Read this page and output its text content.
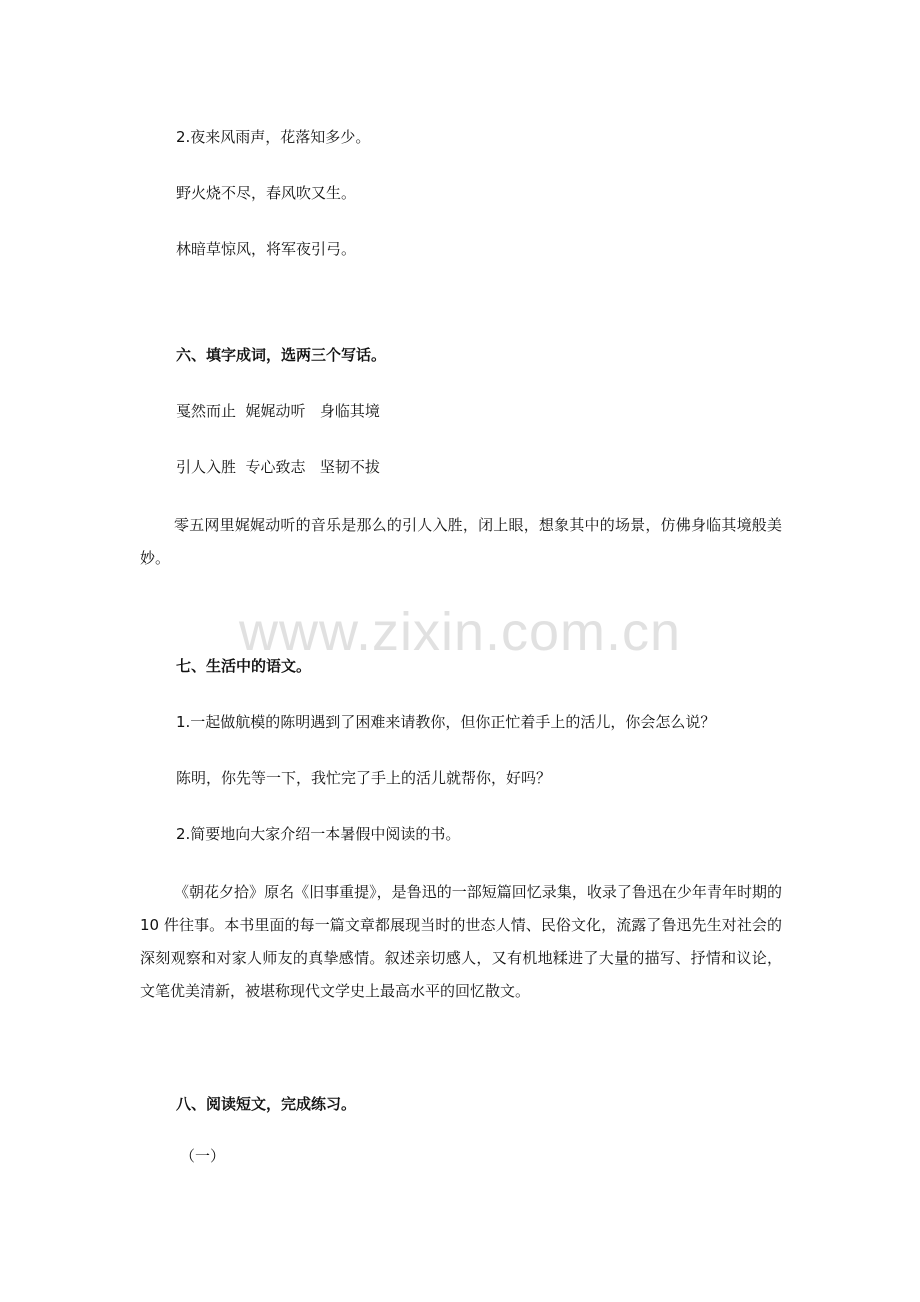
2.夜来风雨声，花落知多少。
野火烧不尽，春风吹又生。
林暗草惊风，将军夜引弓。
六、填字成词，选两三个写话。
戛然而止  娓娓动听   身临其境
引人入胜  专心致志   坚韧不拔
零五网里娓娓动听的音乐是那么的引人入胜，闭上眼，想象其中的场景，仿佛身临其境般美妙。
www.zixin.com.cn
七、生活中的语文。
1.一起做航模的陈明遇到了困难来请教你，但你正忙着手上的活儿，你会怎么说？
陈明，你先等一下，我忙完了手上的活儿就帮你，好吗？
2.简要地向大家介绍一本暑假中阅读的书。
《朝花夕拾》原名《旧事重提》，是鲁迅的一部短篇回忆录集，收录了鲁迅在少年青年时期的 10 件往事。本书里面的每一篇文章都展现当时的世态人情、民俗文化，流露了鲁迅先生对社会的深刻观察和对家人师友的真挚感情。叙述亲切感人，又有机地糅进了大量的描写、抒情和议论，文笔优美清新，被堪称现代文学史上最高水平的回忆散文。
八、阅读短文，完成练习。
（一）
